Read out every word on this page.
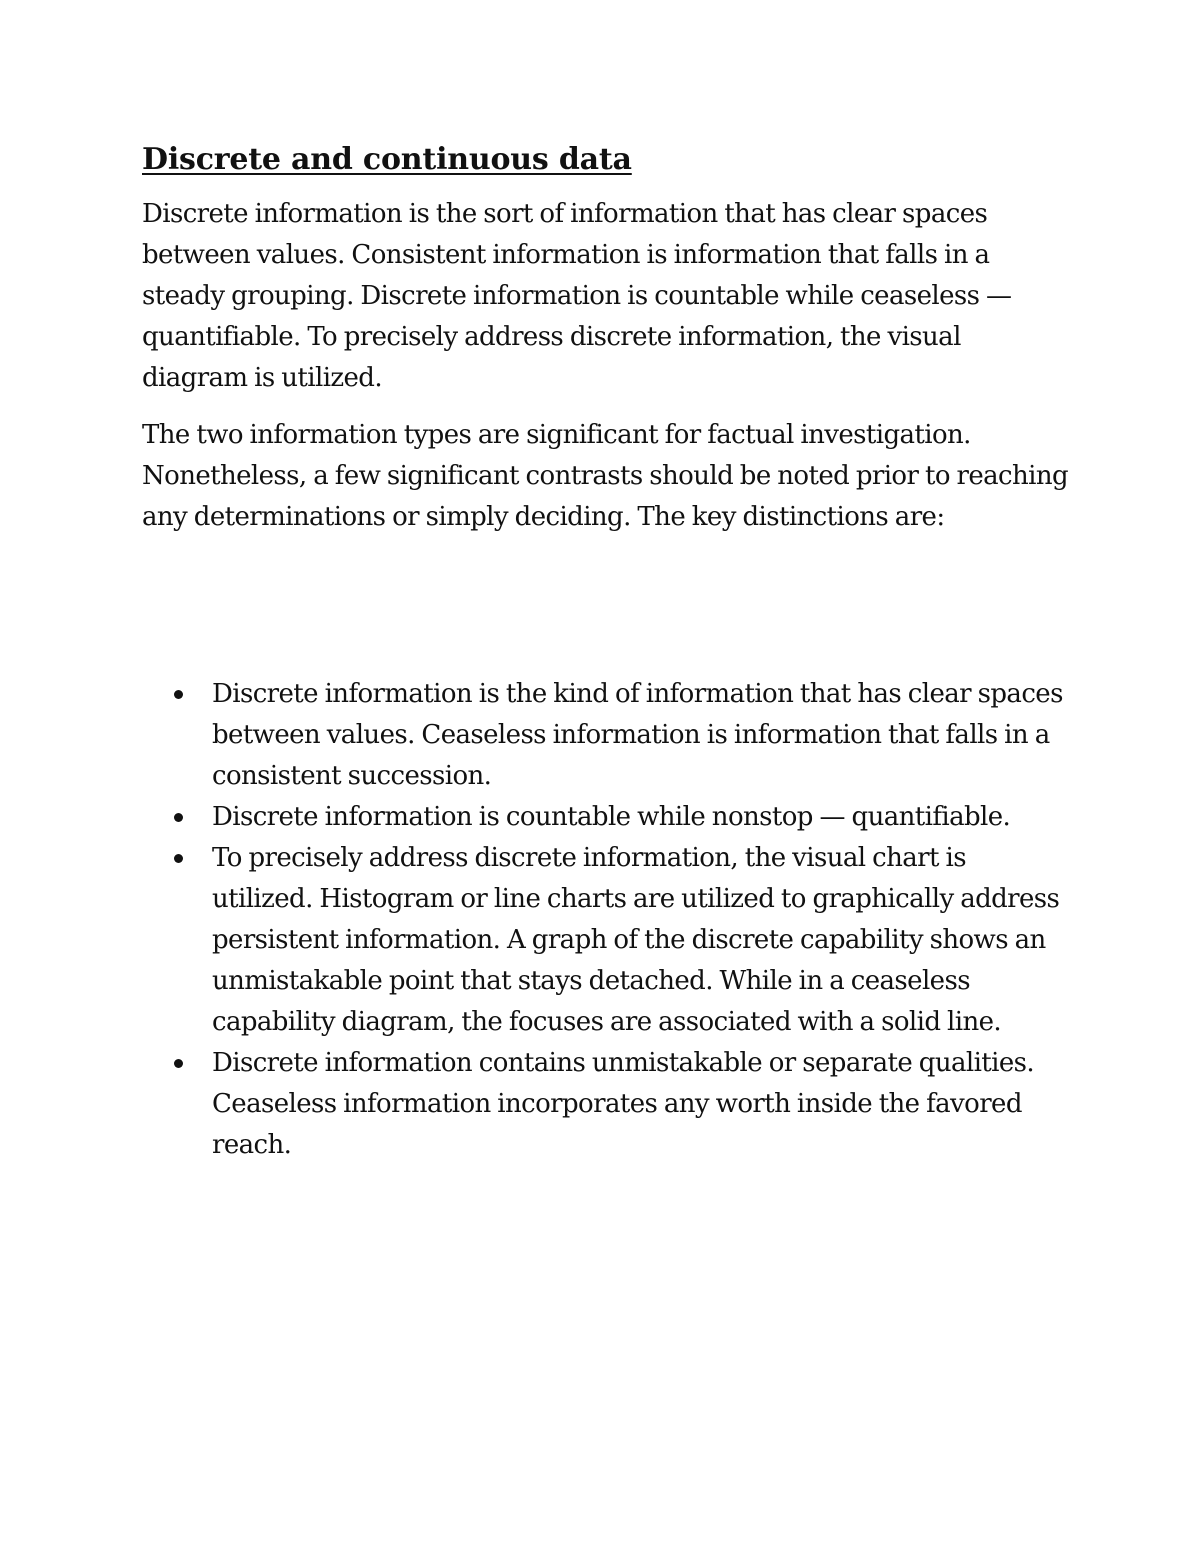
Discrete and continuous data

Discrete information is the sort of information that has clear spaces between values. Consistent information is information that falls in a steady grouping. Discrete information is countable while ceaseless — quantifiable. To precisely address discrete information, the visual diagram is utilized.

The two information types are significant for factual investigation. Nonetheless, a few significant contrasts should be noted prior to reaching any determinations or simply deciding. The key distinctions are:

Discrete information is the kind of information that has clear spaces between values. Ceaseless information is information that falls in a consistent succession.
Discrete information is countable while nonstop — quantifiable.
To precisely address discrete information, the visual chart is utilized. Histogram or line charts are utilized to graphically address persistent information. A graph of the discrete capability shows an unmistakable point that stays detached. While in a ceaseless capability diagram, the focuses are associated with a solid line.
Discrete information contains unmistakable or separate qualities. Ceaseless information incorporates any worth inside the favored reach.
